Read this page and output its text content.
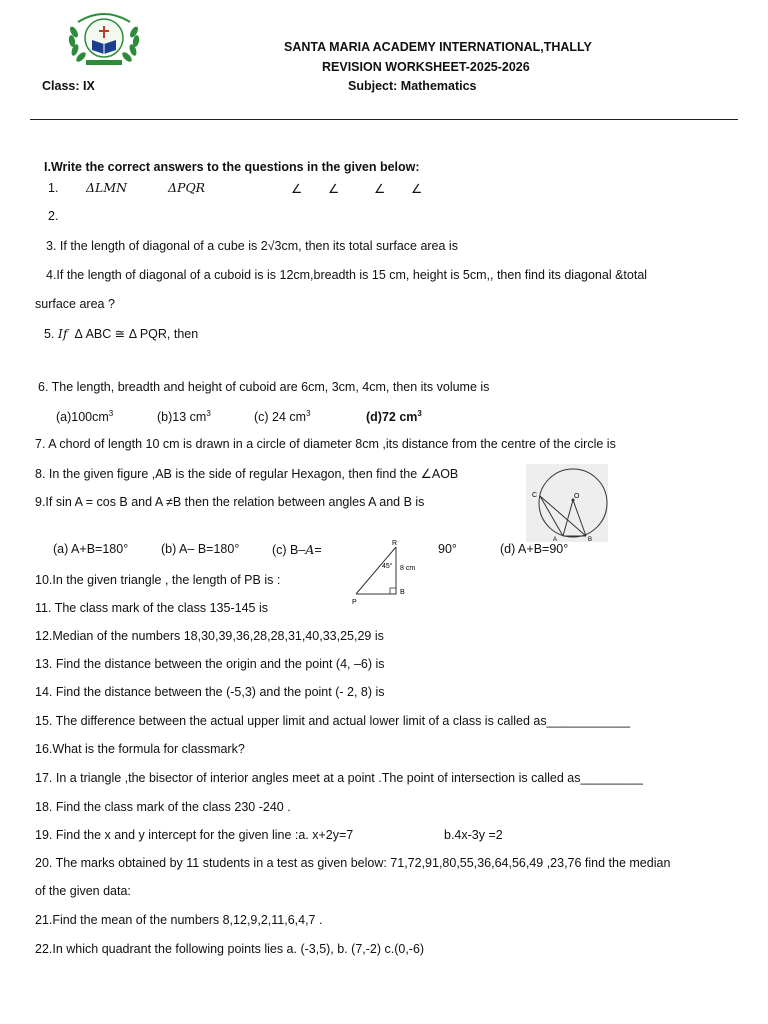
SANTA MARIA ACADEMY INTERNATIONAL,THALLY
REVISION WORKSHEET-2025-2026
Class: IX	Subject: Mathematics
I.Write the correct answers to the questions in the given below:
1. ΔLMN	ΔPQR	∠ ∠	∠ ∠
2.
3. If the length of diagonal of a cube is 2√3cm, then its total surface area is
4.If the length of diagonal of a cuboid is is 12cm,breadth is 15 cm, height is 5cm,, then find its diagonal &total
surface area ?
5. If Δ ABC ≅ Δ PQR, then
6. The length, breadth and height of cuboid are 6cm, 3cm, 4cm, then its volume is
$(a)100cm^3$	(b)13 $cm^3$	(c) 24 $cm^3$	(d)72 $cm^3$
7. A chord of length 10 cm is drawn in a circle of diameter 8cm ,its distance from the centre of the circle is
8. In the given figure ,AB is the side of regular Hexagon, then find the ∠AOB
9.If sin A = cos B and A ≠B then the relation between angles A and B is	C	O
A	B
(a) A+B=180°	(b) A– B=180°	(c) B–A=	90°	(d) A+B=90°
R
45° 8 cm
B
P
10.In the given triangle , the length of PB is :
11. The class mark of the class 135-145 is
12.Median of the numbers 18,30,39,36,28,28,31,40,33,25,29 is
13. Find the distance between the origin and the point (4, –6) is
14. Find the distance between the (-5,3) and the point (- 2, 8) is
15. The difference between the actual upper limit and actual lower limit of a class is called as____________
16.What is the formula for classmark?
17. In a triangle ,the bisector of interior angles meet at a point .The point of intersection is called as_________
18. Find the class mark of the class 230 -240 .
19. Find the x and y intercept for the given line :a. x+2y=7	b.4x-3y =2
20. The marks obtained by 11 students in a test as given below: 71,72,91,80,55,36,64,56,49 ,23,76 find the median
of the given data:
21.Find the mean of the numbers 8,12,9,2,11,6,4,7 .
22.In which quadrant the following points lies a. (-3,5), b. (7,-2) c.(0,-6)
